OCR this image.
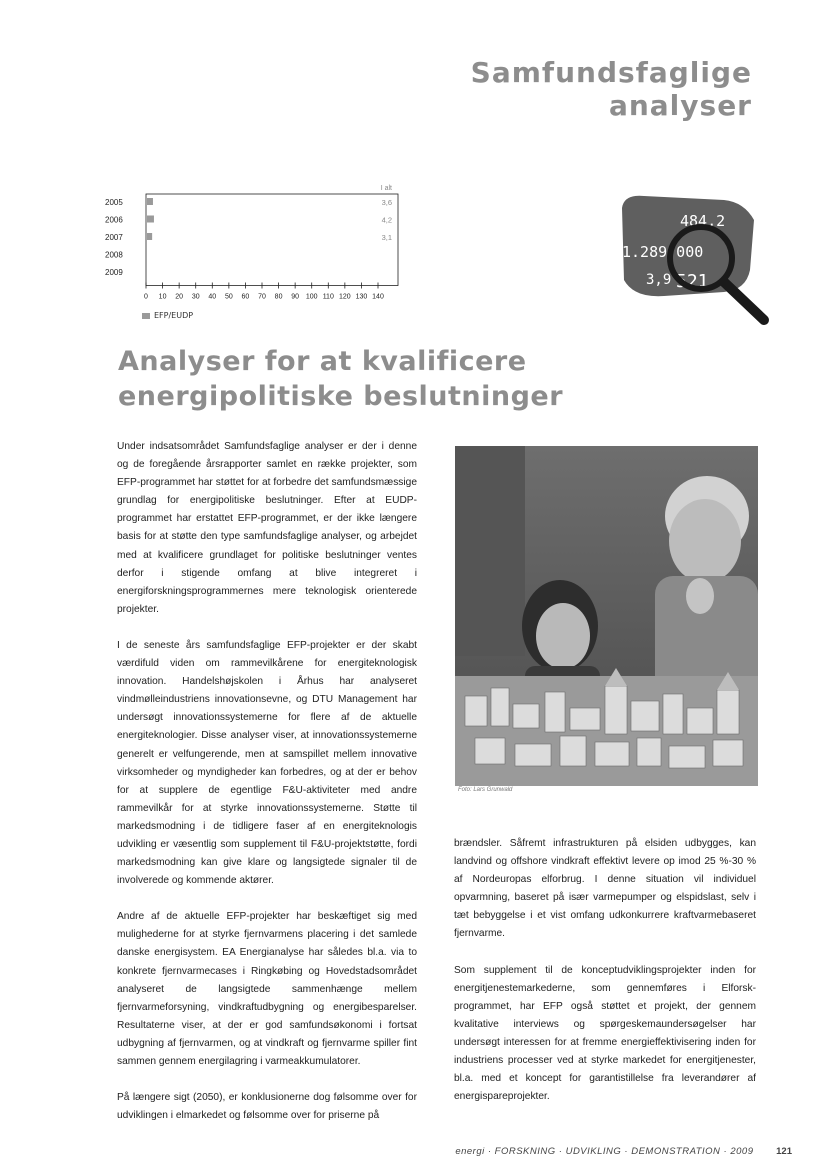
Samfundsfaglige
analyser
I alt
2005	3,6
2006	4,2
2007	3,1
2008
2009
0 10 20 30 40 50 60 70 80 90 100 110 120 130 140
EFP/EUDP
484,2
1.289.000
3,9 521
Analyser for at kvalificere
energipolitiske beslutninger

Under indsatsområdet Samfundsfaglige analyser er der i denne og de foregående årsrapporter samlet en række projekter, som EFP-programmet har støttet for at forbedre det samfundsmæssige grundlag for energipolitiske beslutninger. Efter at EUDP-programmet har erstattet EFP-programmet, er der ikke længere basis for at støtte den type samfundsfaglige analyser, og arbejdet med at kvalificere grundlaget for politiske beslutninger ventes derfor i stigende omfang at blive integreret i energiforskningsprogrammernes mere teknologisk orienterede projekter.

I de seneste års samfundsfaglige EFP-projekter er der skabt værdifuld viden om rammevilkårene for energiteknologisk innovation. Handelshøjskolen i Århus har analyseret vindmølleindustriens innovationsevne, og DTU Management har undersøgt innovationssystemerne for flere af de aktuelle energiteknologier. Disse analyser viser, at innovationssystemerne generelt er velfungerende, men at samspillet mellem innovative virksomheder og myndigheder kan forbedres, og at der er behov for at supplere de egentlige F&U-aktiviteter med andre rammevilkår for at styrke innovationssystemerne. Støtte til markedsmodning i de tidligere faser af en energiteknologis udvikling er væsentlig som supplement til F&U-projektstøtte, fordi markedsmodning kan give klare og langsigtede signaler til de involverede og kommende aktører.

Andre af de aktuelle EFP-projekter har beskæftiget sig med mulighederne for at styrke fjernvarmens placering i det samlede danske energisystem. EA Energianalyse har således bl.a. via to konkrete fjernvarmecases i Ringkøbing og Hovedstadsområdet analyseret de langsigtede sammenhænge mellem fjernvarmeforsyning, vindkraftudbygning og energibesparelser. Resultaterne viser, at der er god samfundsøkonomi i fortsat udbygning af fjernvarmen, og at vindkraft og fjernvarme spiller fint sammen gennem energilagring i varmeakkumulatorer.

På længere sigt (2050), er konklusionerne dog følsomme over for udviklingen i elmarkedet og følsomme over for priserne på

Foto: Lars Grunwald

brændsler. Såfremt infrastrukturen på elsiden udbygges, kan landvind og offshore vindkraft effektivt levere op imod 25 %-30 % af Nordeuropas elforbrug. I denne situation vil individuel opvarmning, baseret på især varmepumper og elspidslast, selv i tæt bebyggelse i et vist omfang udkonkurrere kraftvarmebaseret fjernvarme.

Som supplement til de konceptudviklingsprojekter inden for energitjenestemarkederne, som gennemføres i Elforsk-programmet, har EFP også støttet et projekt, der gennem kvalitative interviews og spørgeskemaundersøgelser har undersøgt interessen for at fremme energieffektivisering inden for industriens processer ved at styrke markedet for energitjenester, bl.a. med et koncept for garantistillelse fra leverandører af energisparеprojekter.

energi · FORSKNING · UDVIKLING · DEMONSTRATION · 2009 121
